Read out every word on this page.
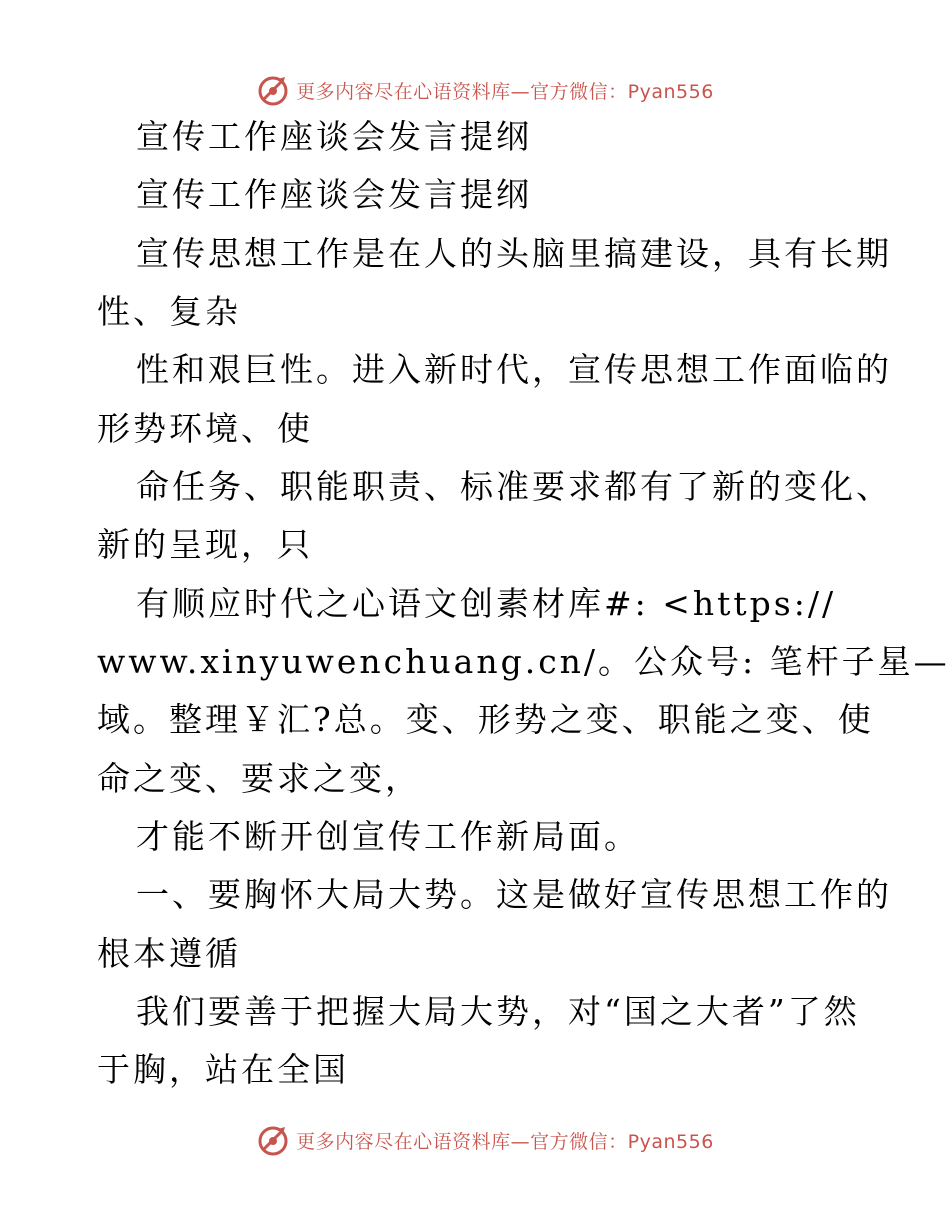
更多内容尽在心语资料库—官方微信：Pyan556
宣传工作座谈会发言提纲
宣传工作座谈会发言提纲
宣传思想工作是在人的头脑里搞建设，具有长期
性、复杂
性和艰巨性。进入新时代，宣传思想工作面临的
形势环境、使
命任务、职能职责、标准要求都有了新的变化、
新的呈现，只
有顺应时代之心语文创素材库#: <https://
www.xinyuwenchuang.cn/。公众号: 笔杆子星—
域。整理￥汇?总。变、形势之变、职能之变、使
命之变、要求之变，
才能不断开创宣传工作新局面。
一、要胸怀大局大势。这是做好宣传思想工作的
根本遵循
我们要善于把握大局大势，对“国之大者”了然
于胸，站在全国
更多内容尽在心语资料库—官方微信：Pyan556
